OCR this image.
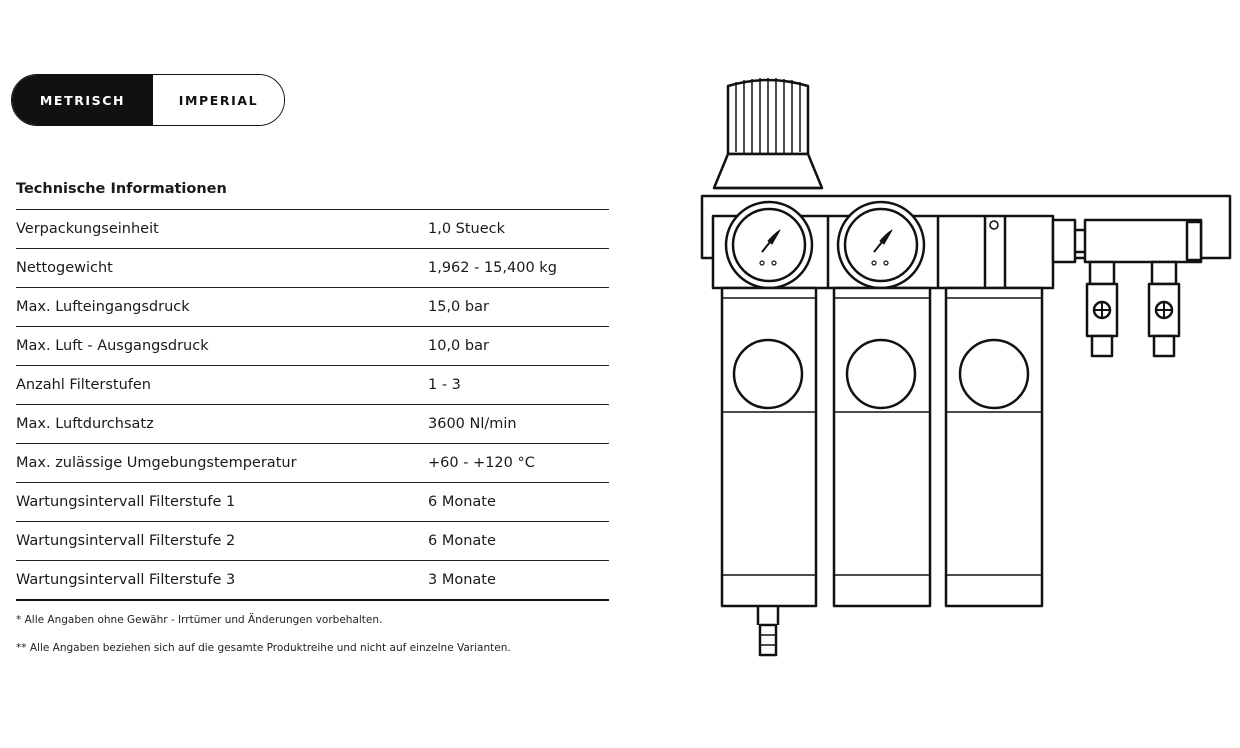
METRISCH	IMPERIAL
Technische Informationen
Verpackungseinheit	1,0 Stueck
Nettogewicht	1,962 - 15,400 kg
Max. Lufteingangsdruck	15,0 bar
Max. Luft - Ausgangsdruck	10,0 bar
Anzahl Filterstufen	1 - 3
Max. Luftdurchsatz	3600 Nl/min
Max. zulässige Umgebungstemperatur	+60 - +120 °C
Wartungsintervall Filterstufe 1	6 Monate
Wartungsintervall Filterstufe 2	6 Monate
Wartungsintervall Filterstufe 3	3 Monate
* Alle Angaben ohne Gewähr - Irrtümer und Änderungen vorbehalten.
** Alle Angaben beziehen sich auf die gesamte Produktreihe und nicht auf einzelne Varianten.
